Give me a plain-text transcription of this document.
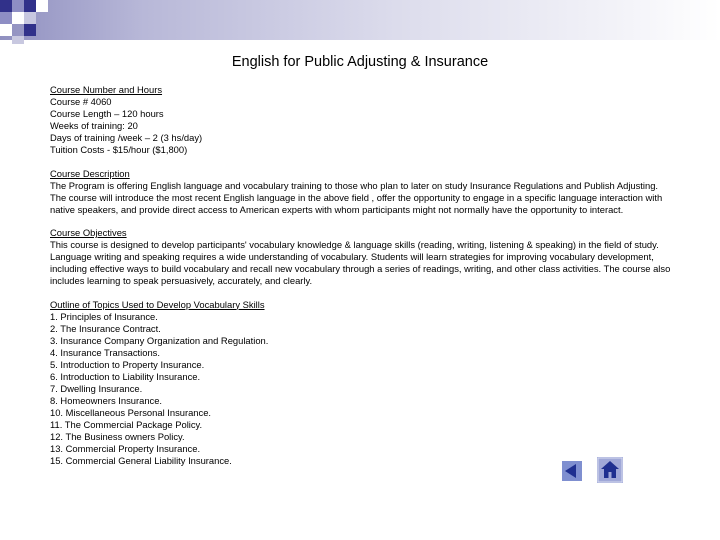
English for Public Adjusting & Insurance
Course Number and Hours
Course # 4060
Course Length – 120 hours
Weeks of training: 20
Days of training /week – 2 (3 hs/day)
Tuition Costs - $15/hour ($1,800)
Course Description
The Program is offering English language and vocabulary training to those who plan to later on study Insurance Regulations and Publish Adjusting. The course will introduce the most recent English language in the above field , offer the opportunity to engage in a specific language interaction with native speakers, and provide direct access to American experts with whom participants might not normally have the opportunity to interact.
Course Objectives
This course is designed to develop participants' vocabulary knowledge & language skills (reading, writing, listening & speaking) in the field of study. Language writing and speaking requires a wide understanding of vocabulary. Students will learn strategies for improving vocabulary development, including effective ways to build vocabulary and recall new vocabulary through a series of readings, writing, and other class activities. The course also includes learning to speak persuasively, accurately, and clearly.
Outline of Topics Used to Develop Vocabulary Skills
1. Principles of Insurance.
2. The Insurance Contract.
3. Insurance Company Organization and Regulation.
4. Insurance Transactions.
5. Introduction to Property Insurance.
6. Introduction to Liability Insurance.
7. Dwelling Insurance.
8. Homeowners Insurance.
10. Miscellaneous Personal Insurance.
11. The Commercial Package Policy.
12. The Business owners Policy.
13. Commercial Property Insurance.
15. Commercial General Liability Insurance.
